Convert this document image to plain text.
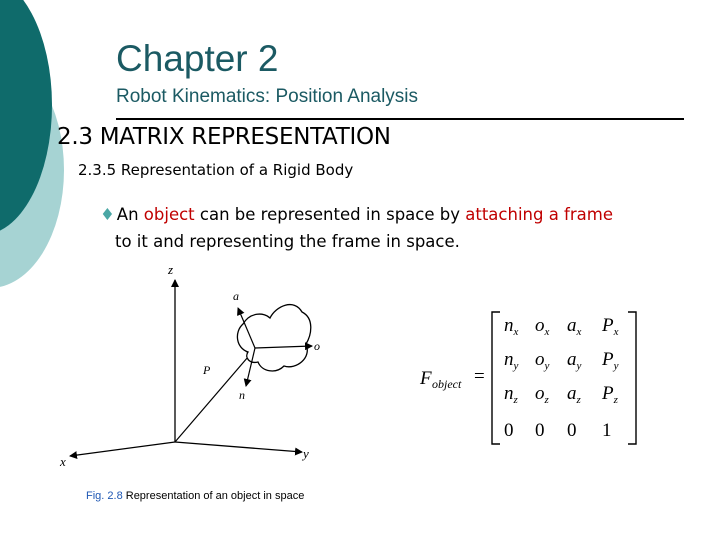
Chapter 2
Robot Kinematics: Position Analysis
2.3 MATRIX REPRESENTATION
2.3.5 Representation of a Rigid Body
♦ An object can be represented in space by attaching a frame
to it and representing the frame in space.
z
x
y
P
a
o
n
F object =
$n_x$ $o_x$ $a_x$ $P_x$
$n_y$ $o_y$ $a_y$ $P_y$
$n_z$ $o_z$ $a_z$ $P_z$
0 0 0 1
Fig. 2.8 Representation of an object in space
